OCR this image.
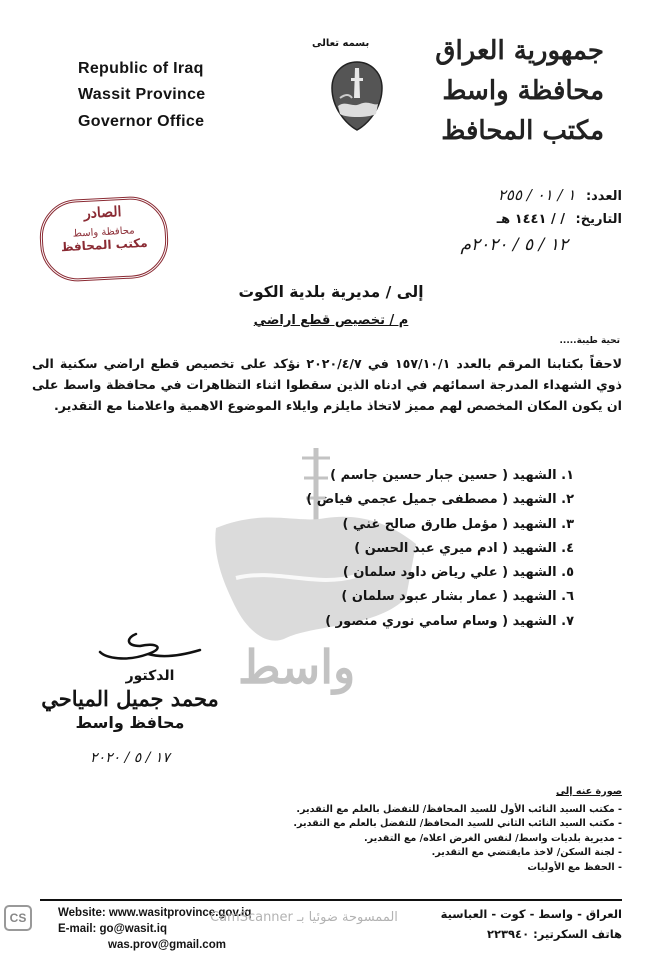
بسمه تعالى
Republic of Iraq
Wassit Province
Governor Office
جمهورية العراق
محافظة واسط
مكتب المحافظ
الصادر
محافظة واسط
مكتب المحافظ
العدد: ١ / ٠١ / ٢٥٥
التاريخ: / / ١٤٤١ هـ
١٢ / ٥ / ٢٠٢٠م
إلى / مديرية بلدية الكوت
م / تخصيص قطع اراضي
تحية طيبة.....
واسط
لاحقاً بكتابنا المرقم بالعدد ١٥٧/١٠/١ في ٢٠٢٠/٤/٧ نؤكد على تخصيص قطع اراضي سكنية الى ذوي الشهداء المدرجة اسمائهم في ادناه الذين سقطوا اثناء التظاهرات في محافظة واسط على ان يكون المكان المخصص لهم مميز لاتخاذ مايلزم وايلاء الموضوع الاهمية واعلامنا مع التقدير.
١. الشهيد ( حسين جبار حسين جاسم )
٢. الشهيد ( مصطفى جميل عجمي فياض )
٣. الشهيد ( مؤمل طارق صالح غني )
٤. الشهيد ( ادم ميري عبد الحسن )
٥. الشهيد ( علي رياض داود سلمان )
٦. الشهيد ( عمار بشار عبود سلمان )
٧. الشهيد ( وسام سامي نوري منصور )
الدكتور
محمد جميل المياحي
محافظ واسط
١٧ / ٥ / ٢٠٢٠
صورة عنه إلى
- مكتب السيد النائب الأول للسيد المحافظ/ للتفضل بالعلم مع التقدير.
- مكتب السيد النائب الثاني للسيد المحافظ/ للتفضل بالعلم مع التقدير.
- مديرية بلديات واسط/ لنفس الغرض اعلاه/ مع التقدير.
- لجنة السكن/ لاخذ مايقتضي مع التقدير.
- الحفظ مع الأوليات
Website: www.wasitprovince.gov.iq
E-mail: go@wasit.iq
was.prov@gmail.com
العراق - واسط - كوت - العباسية
هاتف السكرتير: ٢٢٣٩٤٠
CS	الممسوحة ضوئيا بـ CamScanner
